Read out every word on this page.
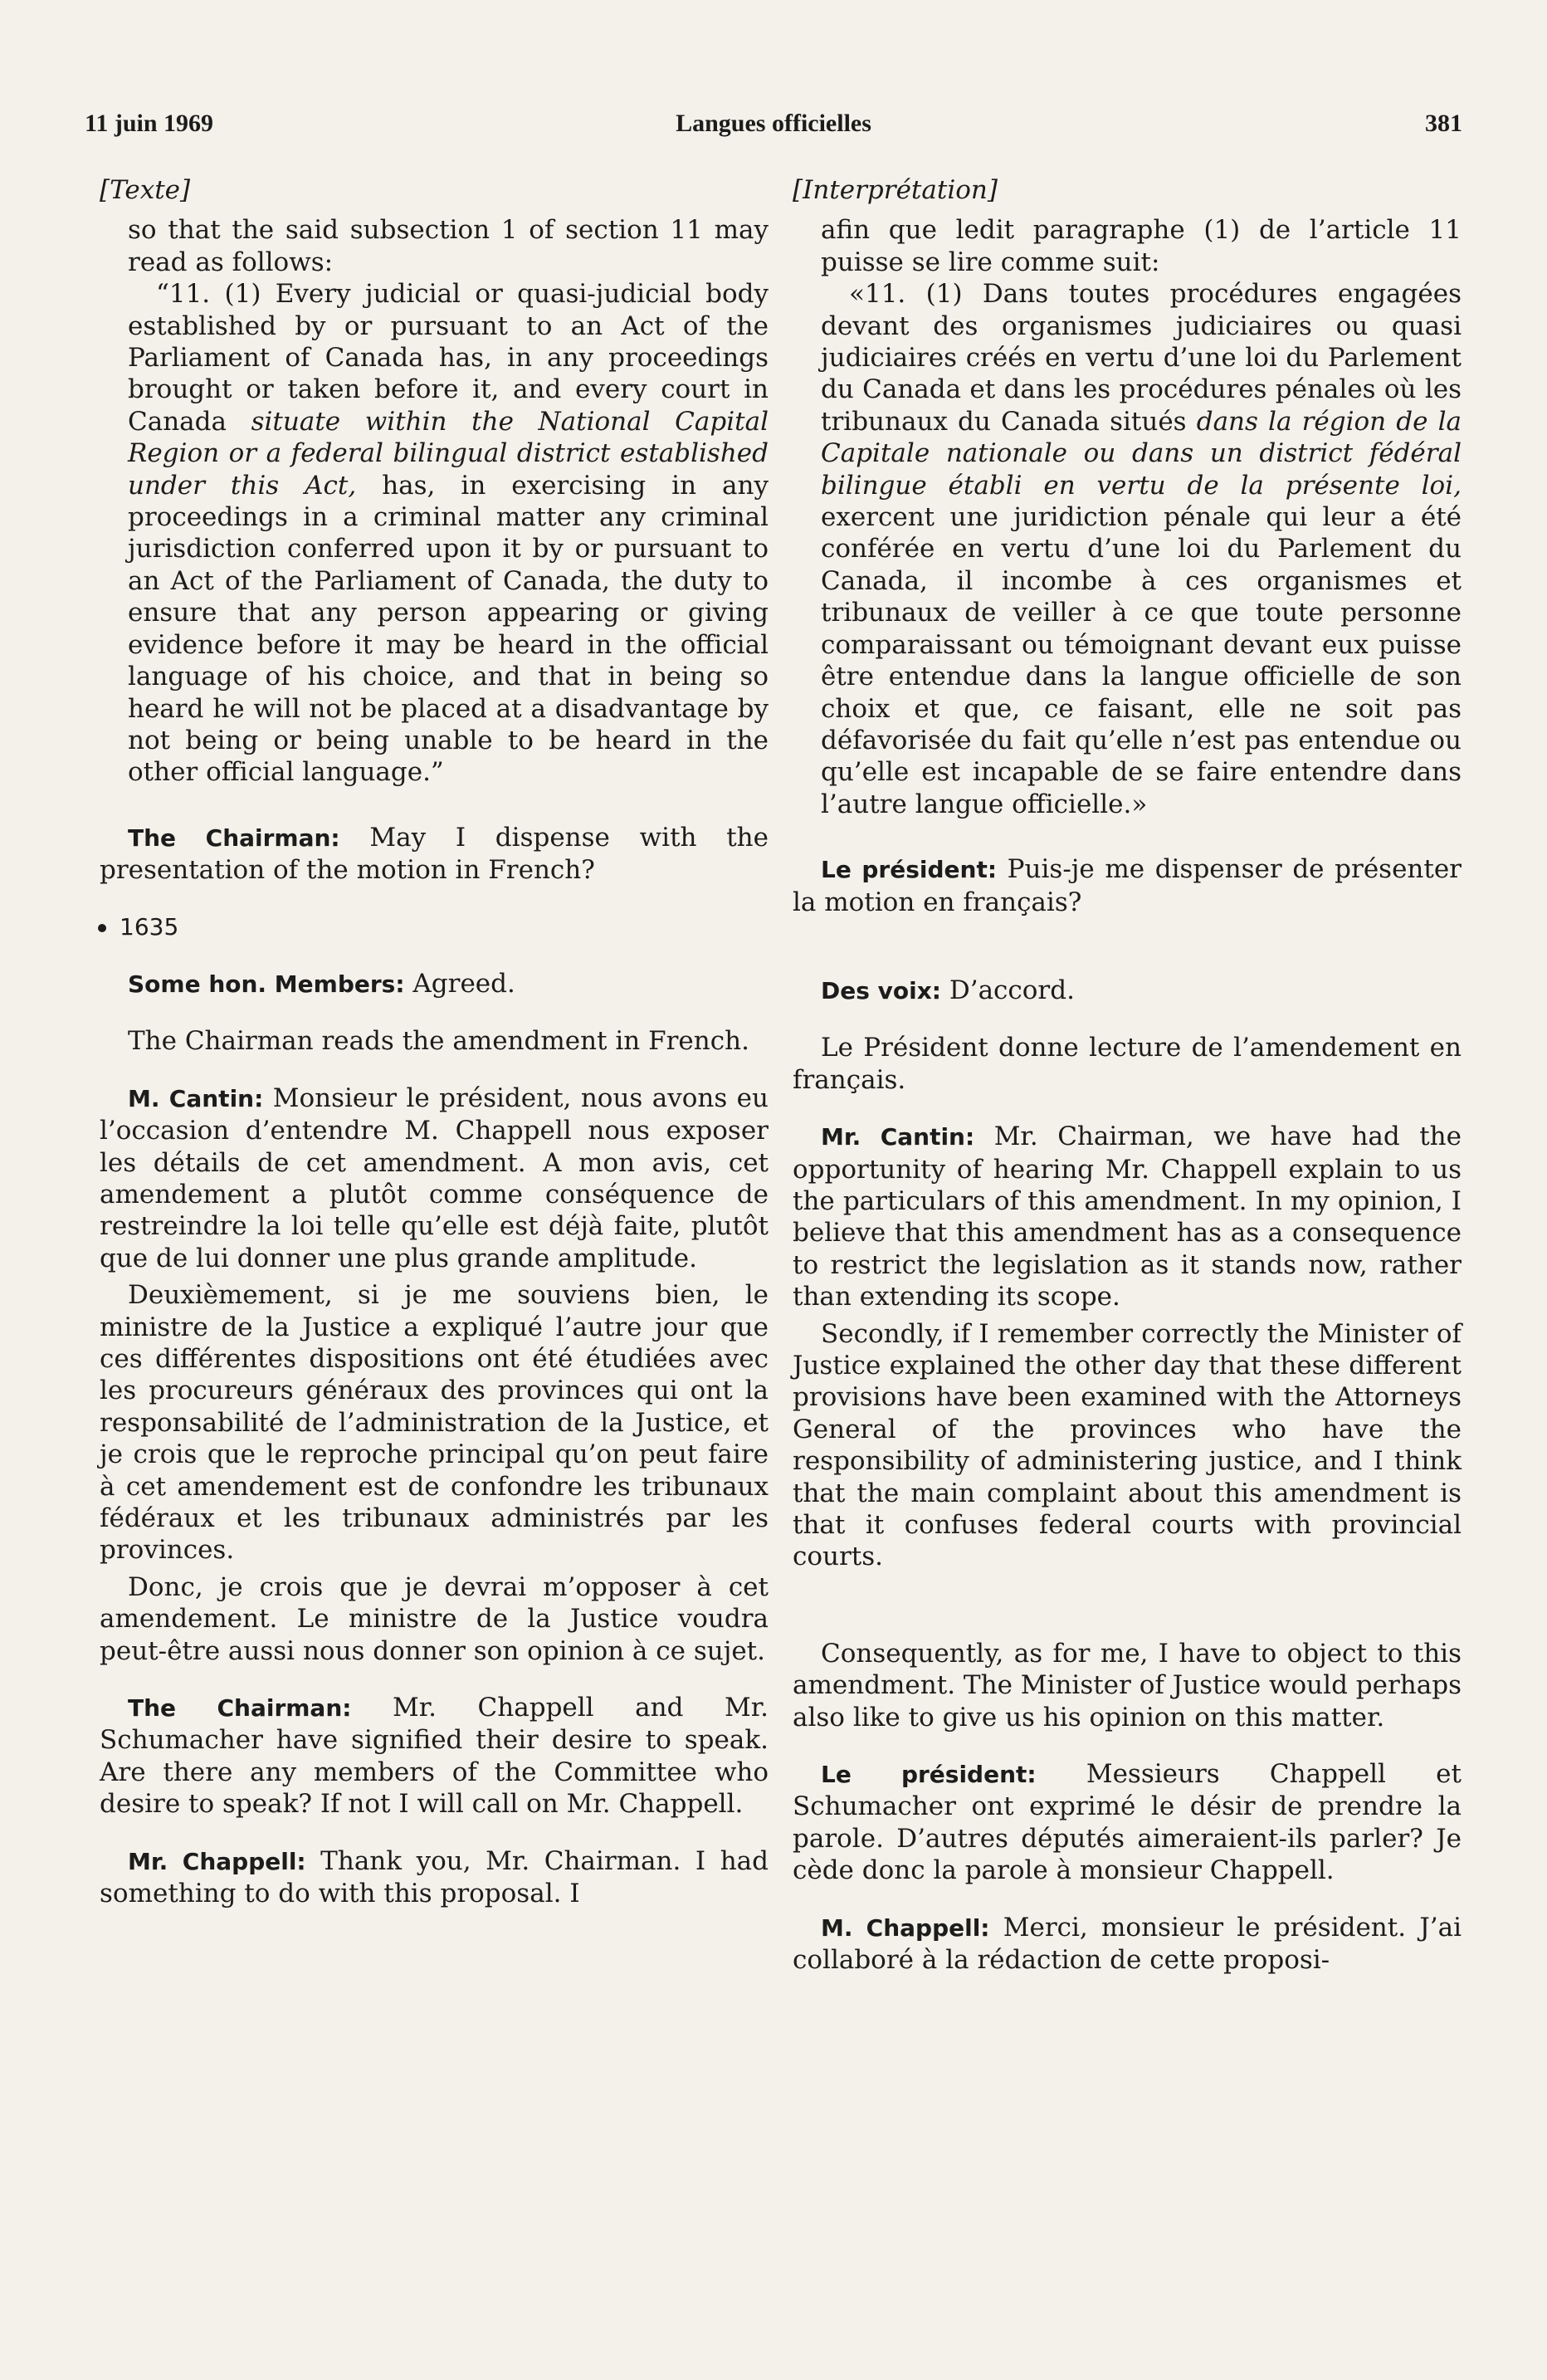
11 juin 1969	Langues officielles	381
[Texte]

so that the said subsection 1 of section 11 may read as follows:

“11. (1) Every judicial or quasi-judicial body established by or pursuant to an Act of the Parliament of Canada has, in any proceedings brought or taken before it, and every court in Canada situate within the National Capital Region or a federal bilingual district established under this Act, has, in exercising in any proceedings in a criminal matter any criminal jurisdiction conferred upon it by or pursuant to an Act of the Parliament of Canada, the duty to ensure that any person appearing or giving evidence before it may be heard in the official language of his choice, and that in being so heard he will not be placed at a disadvantage by not being or being unable to be heard in the other official language.”

The Chairman: May I dispense with the presentation of the motion in French?

1635

Some hon. Members: Agreed.

The Chairman reads the amendment in French.

M. Cantin: Monsieur le président, nous avons eu l’occasion d’entendre M. Chappell nous exposer les détails de cet amendment. A mon avis, cet amendement a plutôt comme conséquence de restreindre la loi telle qu’elle est déjà faite, plutôt que de lui donner une plus grande amplitude.

Deuxièmement, si je me souviens bien, le ministre de la Justice a expliqué l’autre jour que ces différentes dispositions ont été étudiées avec les procureurs généraux des provinces qui ont la responsabilité de l’administration de la Justice, et je crois que le reproche principal qu’on peut faire à cet amendement est de confondre les tribunaux fédéraux et les tribunaux administrés par les provinces.

Donc, je crois que je devrai m’opposer à cet amendement. Le ministre de la Justice voudra peut-être aussi nous donner son opinion à ce sujet.

The Chairman: Mr. Chappell and Mr. Schumacher have signified their desire to speak. Are there any members of the Committee who desire to speak? If not I will call on Mr. Chappell.

Mr. Chappell: Thank you, Mr. Chairman. I had something to do with this proposal. I

[Interprétation]

afin que ledit paragraphe (1) de l’article 11 puisse se lire comme suit:

«11. (1) Dans toutes procédures engagées devant des organismes judiciaires ou quasi judiciaires créés en vertu d’une loi du Parlement du Canada et dans les procédures pénales où les tribunaux du Canada situés dans la région de la Capitale nationale ou dans un district fédéral bilingue établi en vertu de la présente loi, exercent une juridiction pénale qui leur a été conférée en vertu d’une loi du Parlement du Canada, il incombe à ces organismes et tribunaux de veiller à ce que toute personne comparaissant ou témoignant devant eux puisse être entendue dans la langue officielle de son choix et que, ce faisant, elle ne soit pas défavorisée du fait qu’elle n’est pas entendue ou qu’elle est incapable de se faire entendre dans l’autre langue officielle.»

Le président: Puis-je me dispenser de présenter la motion en français?

Des voix: D’accord.

Le Président donne lecture de l’amendement en français.

Mr. Cantin: Mr. Chairman, we have had the opportunity of hearing Mr. Chappell explain to us the particulars of this amendment. In my opinion, I believe that this amendment has as a consequence to restrict the legislation as it stands now, rather than extending its scope.

Secondly, if I remember correctly the Minister of Justice explained the other day that these different provisions have been examined with the Attorneys General of the provinces who have the responsibility of administering justice, and I think that the main complaint about this amendment is that it confuses federal courts with provincial courts.

Consequently, as for me, I have to object to this amendment. The Minister of Justice would perhaps also like to give us his opinion on this matter.

Le président: Messieurs Chappell et Schumacher ont exprimé le désir de prendre la parole. D’autres députés aimeraient-ils parler? Je cède donc la parole à monsieur Chappell.

M. Chappell: Merci, monsieur le président. J’ai collaboré à la rédaction de cette proposi-
